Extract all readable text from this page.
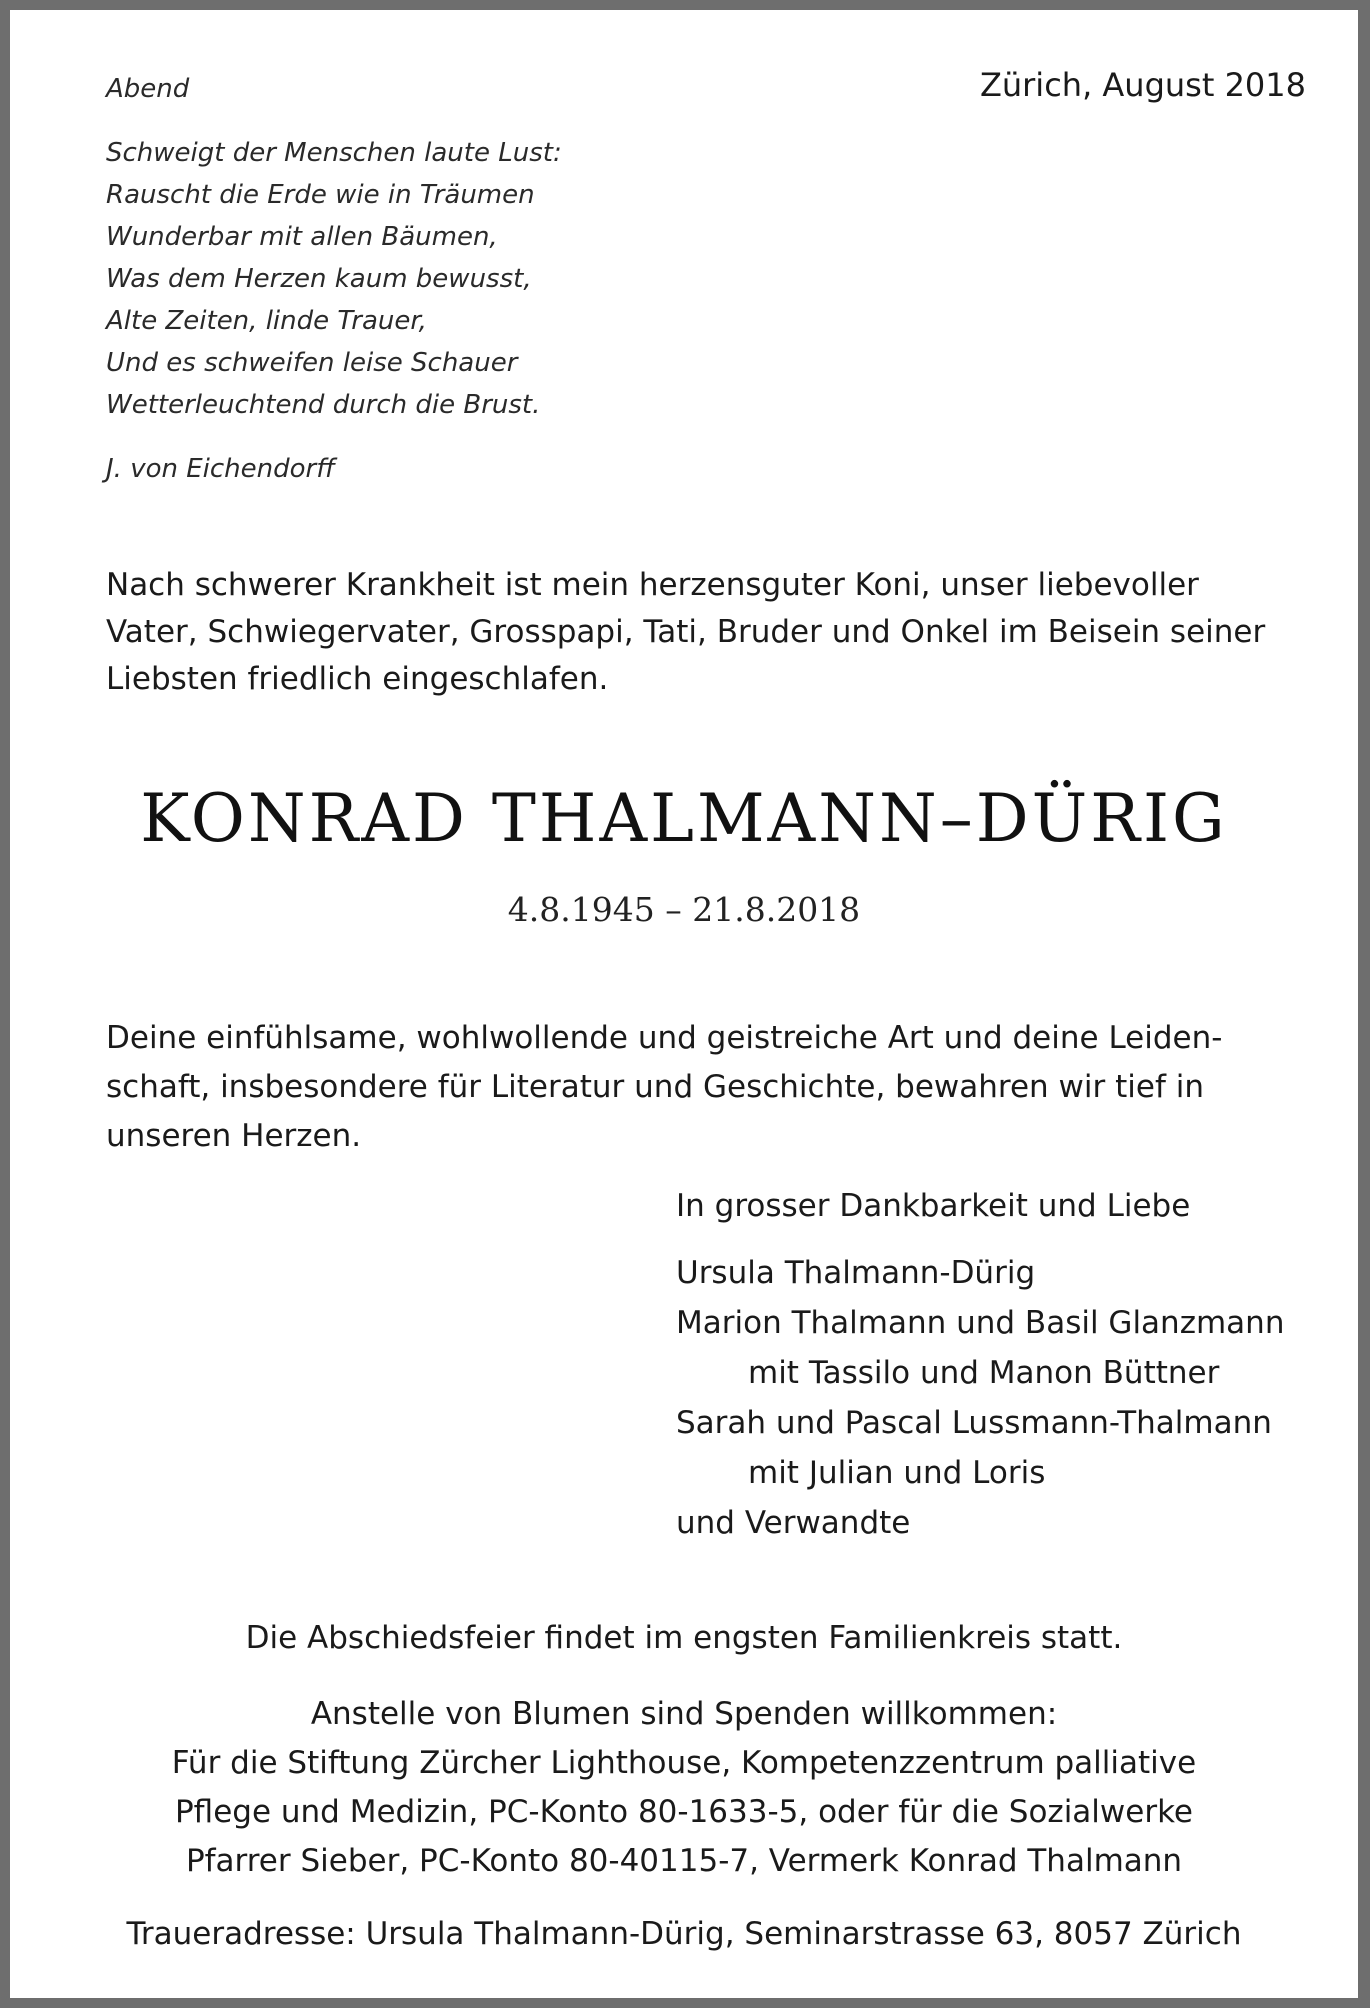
Zürich, August 2018
Abend
Schweigt der Menschen laute Lust:
Rauscht die Erde wie in Träumen
Wunderbar mit allen Bäumen,
Was dem Herzen kaum bewusst,
Alte Zeiten, linde Trauer,
Und es schweifen leise Schauer
Wetterleuchtend durch die Brust.
J. von Eichendorff
Nach schwerer Krankheit ist mein herzensguter Koni, unser liebevoller
Vater, Schwiegervater, Grosspapi, Tati, Bruder und Onkel im Beisein seiner
Liebsten friedlich eingeschlafen.
KONRAD THALMANN–DÜRIG
4.8.1945 – 21.8.2018
Deine einfühlsame, wohlwollende und geistreiche Art und deine Leiden-
schaft, insbesondere für Literatur und Geschichte, bewahren wir tief in
unseren Herzen.
In grosser Dankbarkeit und Liebe
Ursula Thalmann-Dürig
Marion Thalmann und Basil Glanzmann
mit Tassilo und Manon Büttner
Sarah und Pascal Lussmann-Thalmann
mit Julian und Loris
und Verwandte
Die Abschiedsfeier findet im engsten Familienkreis statt.
Anstelle von Blumen sind Spenden willkommen:
Für die Stiftung Zürcher Lighthouse, Kompetenzzentrum palliative
Pflege und Medizin, PC-Konto 80-1633-5, oder für die Sozialwerke
Pfarrer Sieber, PC-Konto 80-40115-7, Vermerk Konrad Thalmann
Traueradresse: Ursula Thalmann-Dürig, Seminarstrasse 63, 8057 Zürich
